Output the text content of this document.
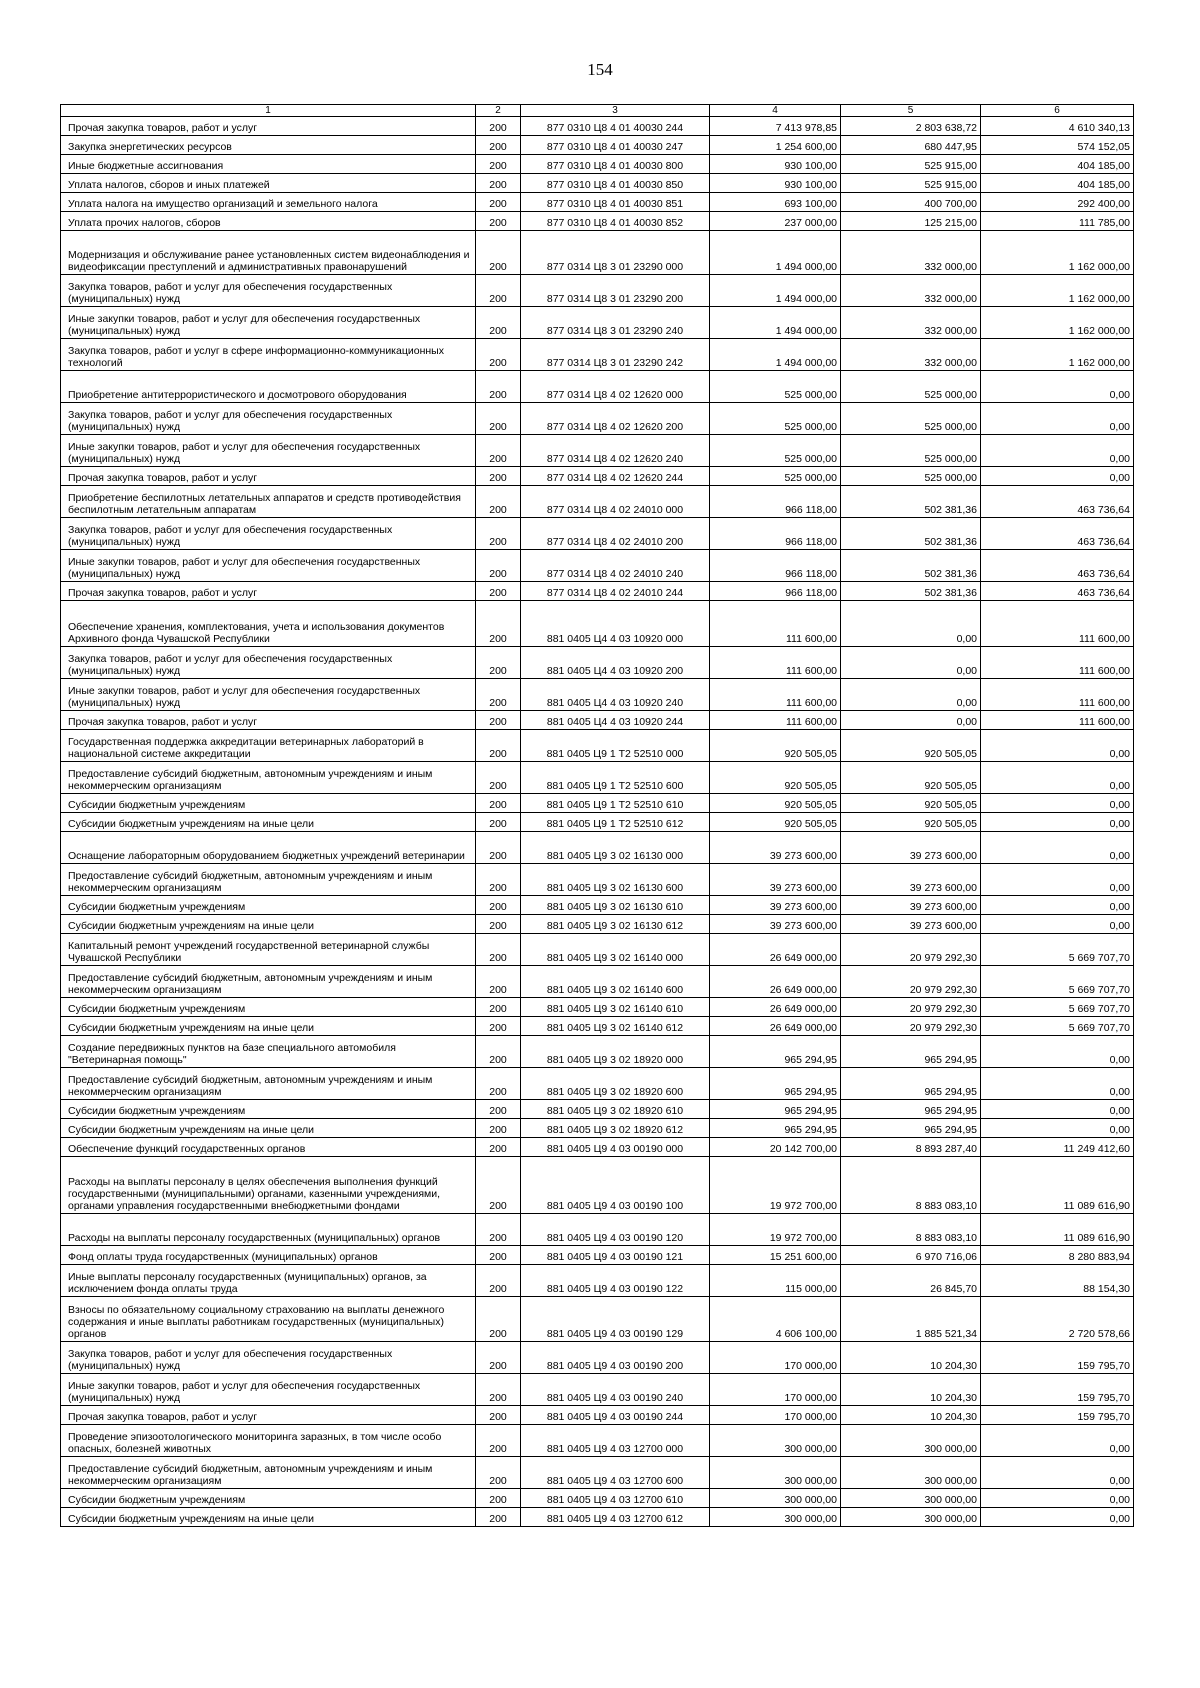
154
1	2	3	4	5	6
Прочая закупка товаров, работ и услуг	200	877 0310 Ц8 4 01 40030 244	7 413 978,85	2 803 638,72	4 610 340,13
Закупка энергетических ресурсов	200	877 0310 Ц8 4 01 40030 247	1 254 600,00	680 447,95	574 152,05
Иные бюджетные ассигнования	200	877 0310 Ц8 4 01 40030 800	930 100,00	525 915,00	404 185,00
Уплата налогов, сборов и иных платежей	200	877 0310 Ц8 4 01 40030 850	930 100,00	525 915,00	404 185,00
Уплата налога на имущество организаций и земельного налога	200	877 0310 Ц8 4 01 40030 851	693 100,00	400 700,00	292 400,00
Уплата прочих налогов, сборов	200	877 0310 Ц8 4 01 40030 852	237 000,00	125 215,00	111 785,00
Модернизация и обслуживание ранее установленных систем видеонаблюдения и видеофиксации преступлений и административных правонарушений	200	877 0314 Ц8 3 01 23290 000	1 494 000,00	332 000,00	1 162 000,00
Закупка товаров, работ и услуг для обеспечения государственных (муниципальных) нужд	200	877 0314 Ц8 3 01 23290 200	1 494 000,00	332 000,00	1 162 000,00
Иные закупки товаров, работ и услуг для обеспечения государственных (муниципальных) нужд	200	877 0314 Ц8 3 01 23290 240	1 494 000,00	332 000,00	1 162 000,00
Закупка товаров, работ и услуг в сфере информационно-коммуникационных технологий	200	877 0314 Ц8 3 01 23290 242	1 494 000,00	332 000,00	1 162 000,00
Приобретение антитеррористического и досмотрового оборудования	200	877 0314 Ц8 4 02 12620 000	525 000,00	525 000,00	0,00
Закупка товаров, работ и услуг для обеспечения государственных (муниципальных) нужд	200	877 0314 Ц8 4 02 12620 200	525 000,00	525 000,00	0,00
Иные закупки товаров, работ и услуг для обеспечения государственных (муниципальных) нужд	200	877 0314 Ц8 4 02 12620 240	525 000,00	525 000,00	0,00
Прочая закупка товаров, работ и услуг	200	877 0314 Ц8 4 02 12620 244	525 000,00	525 000,00	0,00
Приобретение беспилотных летательных аппаратов и средств противодействия беспилотным летательным аппаратам	200	877 0314 Ц8 4 02 24010 000	966 118,00	502 381,36	463 736,64
Закупка товаров, работ и услуг для обеспечения государственных (муниципальных) нужд	200	877 0314 Ц8 4 02 24010 200	966 118,00	502 381,36	463 736,64
Иные закупки товаров, работ и услуг для обеспечения государственных (муниципальных) нужд	200	877 0314 Ц8 4 02 24010 240	966 118,00	502 381,36	463 736,64
Прочая закупка товаров, работ и услуг	200	877 0314 Ц8 4 02 24010 244	966 118,00	502 381,36	463 736,64
Обеспечение хранения, комплектования, учета и использования документов Архивного фонда Чувашской Республики	200	881 0405 Ц4 4 03 10920 000	111 600,00	0,00	111 600,00
Закупка товаров, работ и услуг для обеспечения государственных (муниципальных) нужд	200	881 0405 Ц4 4 03 10920 200	111 600,00	0,00	111 600,00
Иные закупки товаров, работ и услуг для обеспечения государственных (муниципальных) нужд	200	881 0405 Ц4 4 03 10920 240	111 600,00	0,00	111 600,00
Прочая закупка товаров, работ и услуг	200	881 0405 Ц4 4 03 10920 244	111 600,00	0,00	111 600,00
Государственная поддержка аккредитации ветеринарных лабораторий в национальной системе аккредитации	200	881 0405 Ц9 1 Т2 52510 000	920 505,05	920 505,05	0,00
Предоставление субсидий бюджетным, автономным учреждениям и иным некоммерческим организациям	200	881 0405 Ц9 1 Т2 52510 600	920 505,05	920 505,05	0,00
Субсидии бюджетным учреждениям	200	881 0405 Ц9 1 Т2 52510 610	920 505,05	920 505,05	0,00
Субсидии бюджетным учреждениям на иные цели	200	881 0405 Ц9 1 Т2 52510 612	920 505,05	920 505,05	0,00
Оснащение лабораторным оборудованием бюджетных учреждений ветеринарии	200	881 0405 Ц9 3 02 16130 000	39 273 600,00	39 273 600,00	0,00
Предоставление субсидий бюджетным, автономным учреждениям и иным некоммерческим организациям	200	881 0405 Ц9 3 02 16130 600	39 273 600,00	39 273 600,00	0,00
Субсидии бюджетным учреждениям	200	881 0405 Ц9 3 02 16130 610	39 273 600,00	39 273 600,00	0,00
Субсидии бюджетным учреждениям на иные цели	200	881 0405 Ц9 3 02 16130 612	39 273 600,00	39 273 600,00	0,00
Капитальный ремонт учреждений государственной ветеринарной службы Чувашской Республики	200	881 0405 Ц9 3 02 16140 000	26 649 000,00	20 979 292,30	5 669 707,70
Предоставление субсидий бюджетным, автономным учреждениям и иным некоммерческим организациям	200	881 0405 Ц9 3 02 16140 600	26 649 000,00	20 979 292,30	5 669 707,70
Субсидии бюджетным учреждениям	200	881 0405 Ц9 3 02 16140 610	26 649 000,00	20 979 292,30	5 669 707,70
Субсидии бюджетным учреждениям на иные цели	200	881 0405 Ц9 3 02 16140 612	26 649 000,00	20 979 292,30	5 669 707,70
Создание передвижных пунктов на базе специального автомобиля "Ветеринарная помощь"	200	881 0405 Ц9 3 02 18920 000	965 294,95	965 294,95	0,00
Предоставление субсидий бюджетным, автономным учреждениям и иным некоммерческим организациям	200	881 0405 Ц9 3 02 18920 600	965 294,95	965 294,95	0,00
Субсидии бюджетным учреждениям	200	881 0405 Ц9 3 02 18920 610	965 294,95	965 294,95	0,00
Субсидии бюджетным учреждениям на иные цели	200	881 0405 Ц9 3 02 18920 612	965 294,95	965 294,95	0,00
Обеспечение функций государственных органов	200	881 0405 Ц9 4 03 00190 000	20 142 700,00	8 893 287,40	11 249 412,60
Расходы на выплаты персоналу в целях обеспечения выполнения функций государственными (муниципальными) органами, казенными учреждениями, органами управления государственными внебюджетными фондами	200	881 0405 Ц9 4 03 00190 100	19 972 700,00	8 883 083,10	11 089 616,90
Расходы на выплаты персоналу государственных (муниципальных) органов	200	881 0405 Ц9 4 03 00190 120	19 972 700,00	8 883 083,10	11 089 616,90
Фонд оплаты труда государственных (муниципальных) органов	200	881 0405 Ц9 4 03 00190 121	15 251 600,00	6 970 716,06	8 280 883,94
Иные выплаты персоналу государственных (муниципальных) органов, за исключением фонда оплаты труда	200	881 0405 Ц9 4 03 00190 122	115 000,00	26 845,70	88 154,30
Взносы по обязательному социальному страхованию на выплаты денежного содержания и иные выплаты работникам государственных (муниципальных) органов	200	881 0405 Ц9 4 03 00190 129	4 606 100,00	1 885 521,34	2 720 578,66
Закупка товаров, работ и услуг для обеспечения государственных (муниципальных) нужд	200	881 0405 Ц9 4 03 00190 200	170 000,00	10 204,30	159 795,70
Иные закупки товаров, работ и услуг для обеспечения государственных (муниципальных) нужд	200	881 0405 Ц9 4 03 00190 240	170 000,00	10 204,30	159 795,70
Прочая закупка товаров, работ и услуг	200	881 0405 Ц9 4 03 00190 244	170 000,00	10 204,30	159 795,70
Проведение эпизоотологического мониторинга заразных, в том числе особо опасных, болезней животных	200	881 0405 Ц9 4 03 12700 000	300 000,00	300 000,00	0,00
Предоставление субсидий бюджетным, автономным учреждениям и иным некоммерческим организациям	200	881 0405 Ц9 4 03 12700 600	300 000,00	300 000,00	0,00
Субсидии бюджетным учреждениям	200	881 0405 Ц9 4 03 12700 610	300 000,00	300 000,00	0,00
Субсидии бюджетным учреждениям на иные цели	200	881 0405 Ц9 4 03 12700 612	300 000,00	300 000,00	0,00
